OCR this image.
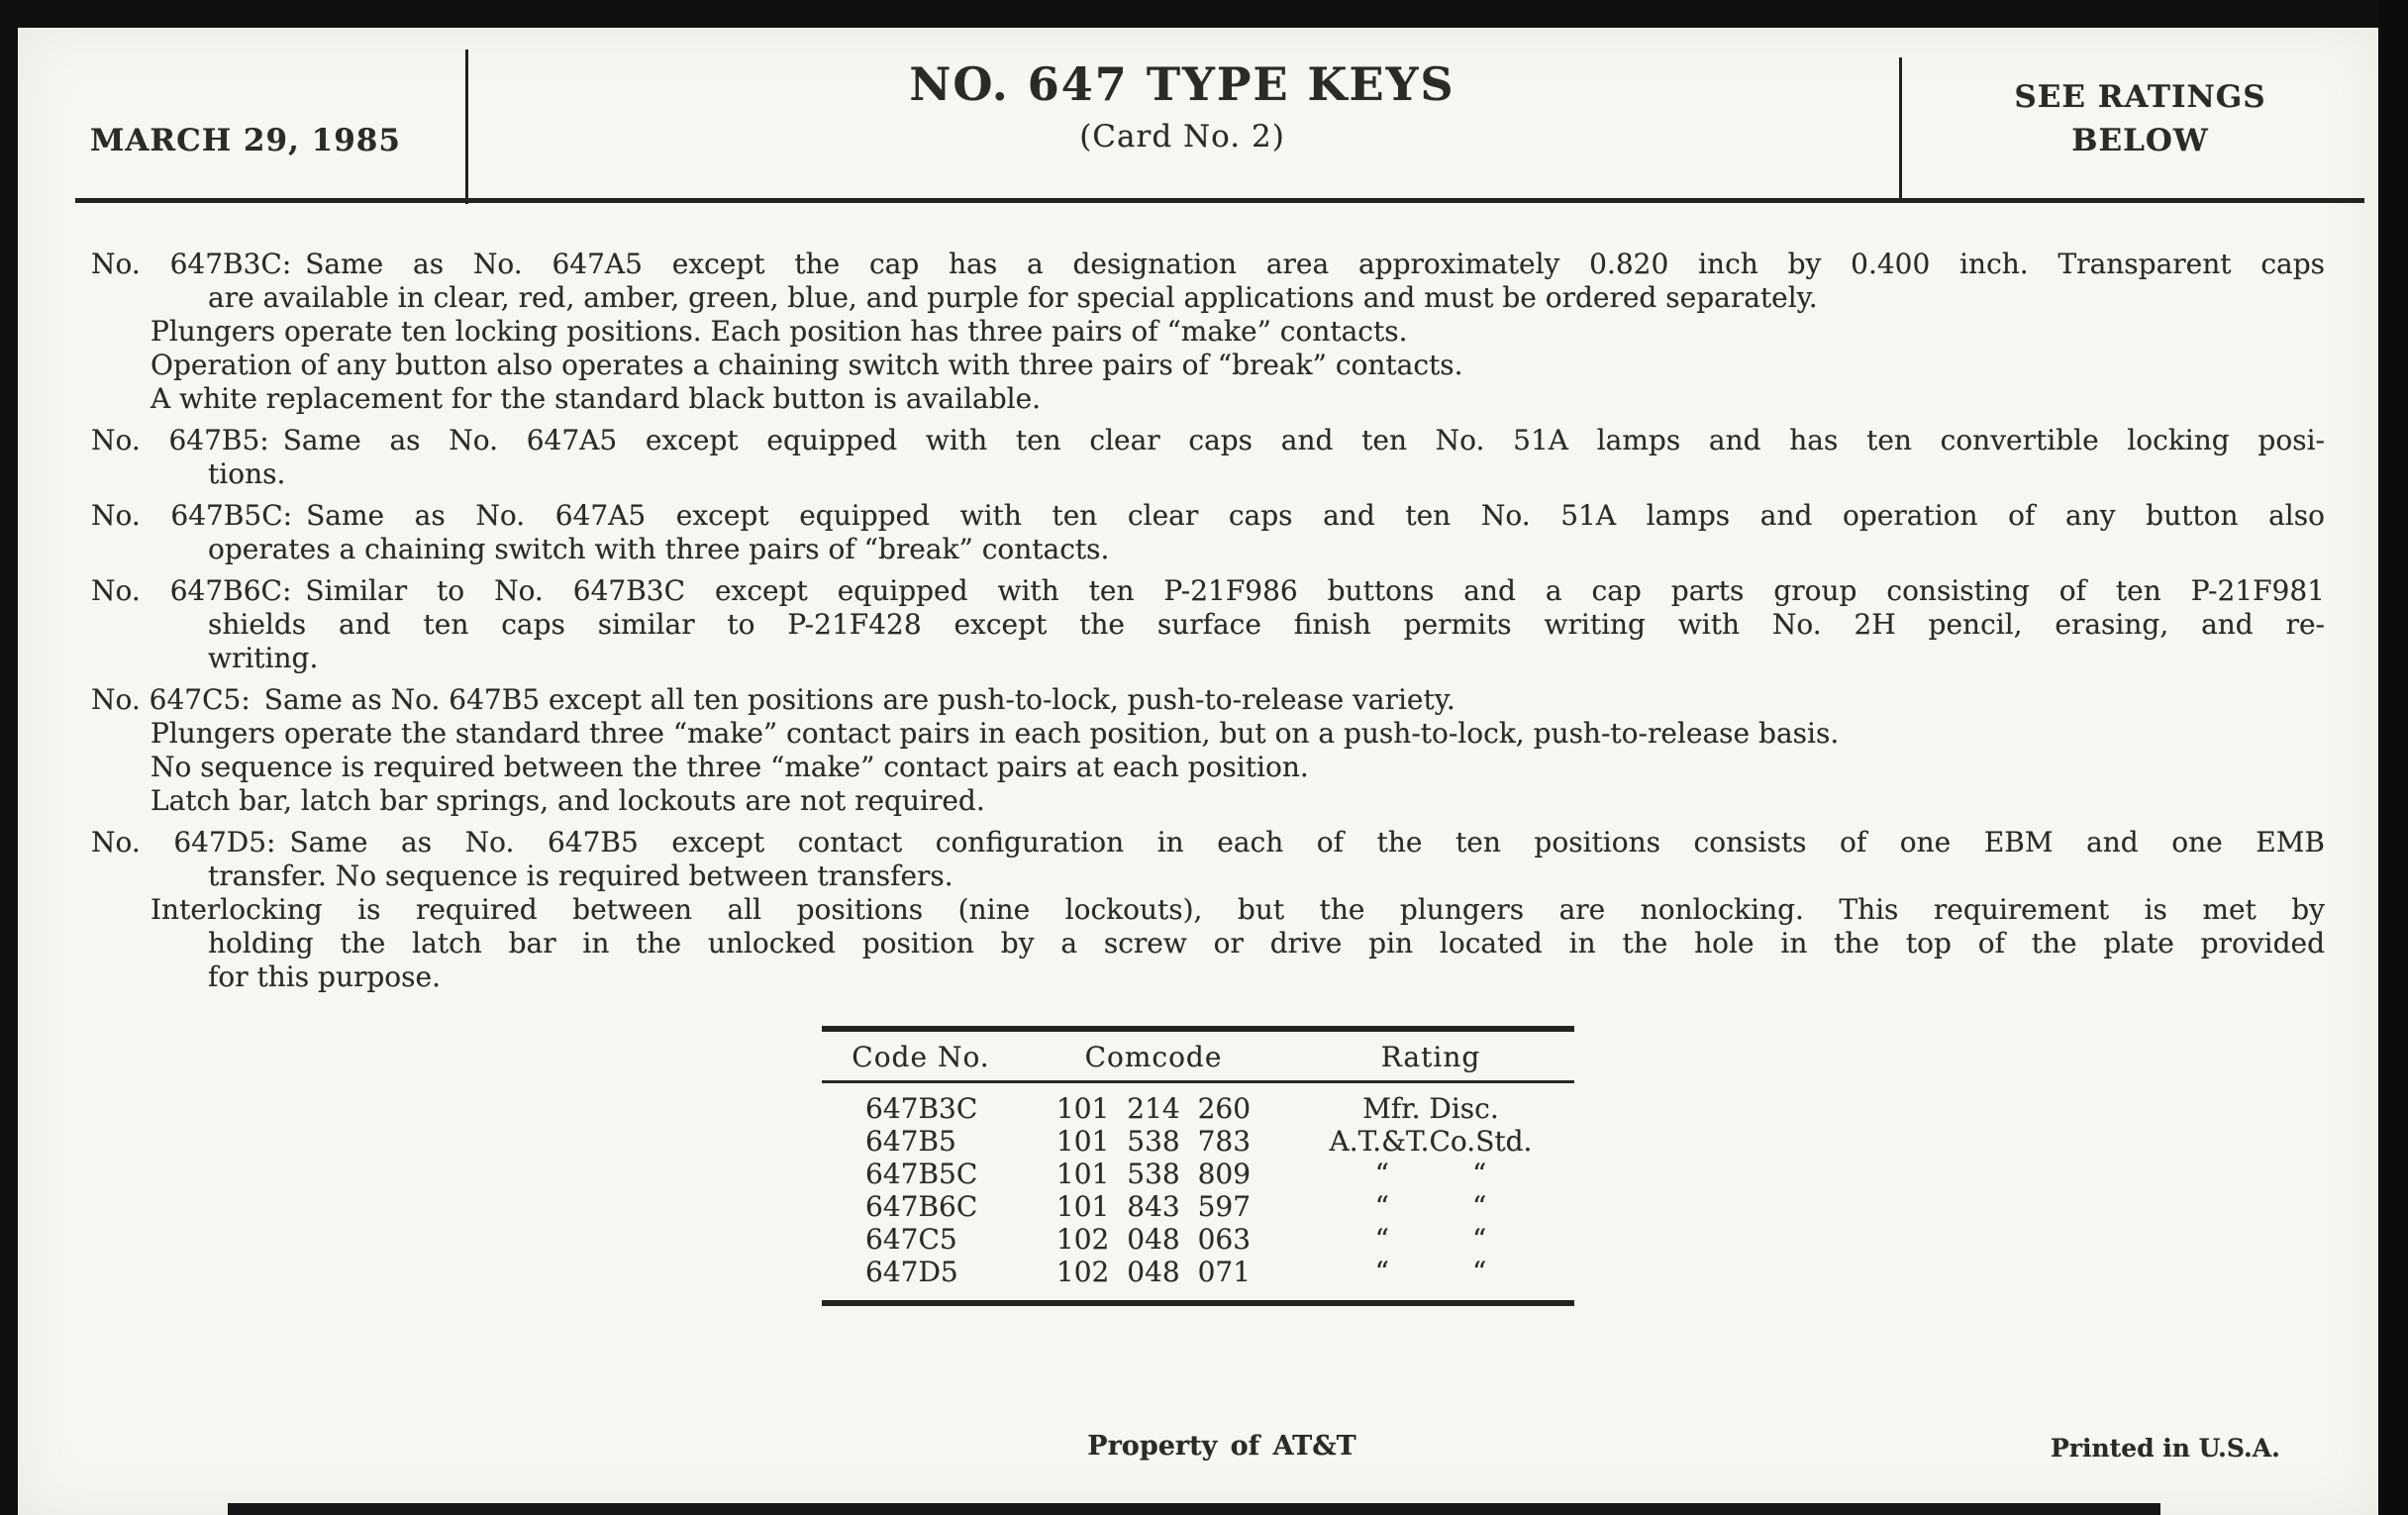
MARCH 29, 1985
NO. 647 TYPE KEYS
(Card No. 2)
SEE RATINGS
BELOW
No. 647B3C: Same as No. 647A5 except the cap has a designation area approximately 0.820 inch by 0.400 inch. Transparent caps
are available in clear, red, amber, green, blue, and purple for special applications and must be ordered separately.
Plungers operate ten locking positions. Each position has three pairs of “make” contacts.
Operation of any button also operates a chaining switch with three pairs of “break” contacts.
A white replacement for the standard black button is available.
No. 647B5: Same as No. 647A5 except equipped with ten clear caps and ten No. 51A lamps and has ten convertible locking posi-
tions.
No. 647B5C: Same as No. 647A5 except equipped with ten clear caps and ten No. 51A lamps and operation of any button also
operates a chaining switch with three pairs of “break” contacts.
No. 647B6C: Similar to No. 647B3C except equipped with ten P-21F986 buttons and a cap parts group consisting of ten P-21F981
shields and ten caps similar to P-21F428 except the surface finish permits writing with No. 2H pencil, erasing, and re-
writing.
No. 647C5: Same as No. 647B5 except all ten positions are push-to-lock, push-to-release variety.
Plungers operate the standard three “make” contact pairs in each position, but on a push-to-lock, push-to-release basis.
No sequence is required between the three “make” contact pairs at each position.
Latch bar, latch bar springs, and lockouts are not required.
No. 647D5: Same as No. 647B5 except contact configuration in each of the ten positions consists of one EBM and one EMB
transfer. No sequence is required between transfers.
Interlocking is required between all positions (nine lockouts), but the plungers are nonlocking. This requirement is met by
holding the latch bar in the unlocked position by a screw or drive pin located in the hole in the top of the plate provided
for this purpose.
Code No.	Comcode	Rating
647B3C	101 214 260	Mfr. Disc.
647B5	101 538 783	A.T.&T.Co.Std.
647B5C	101 538 809	“   “
647B6C	101 843 597	“   “
647C5	102 048 063	“   “
647D5	102 048 071	“   “
Property of AT&T	Printed in U.S.A.
